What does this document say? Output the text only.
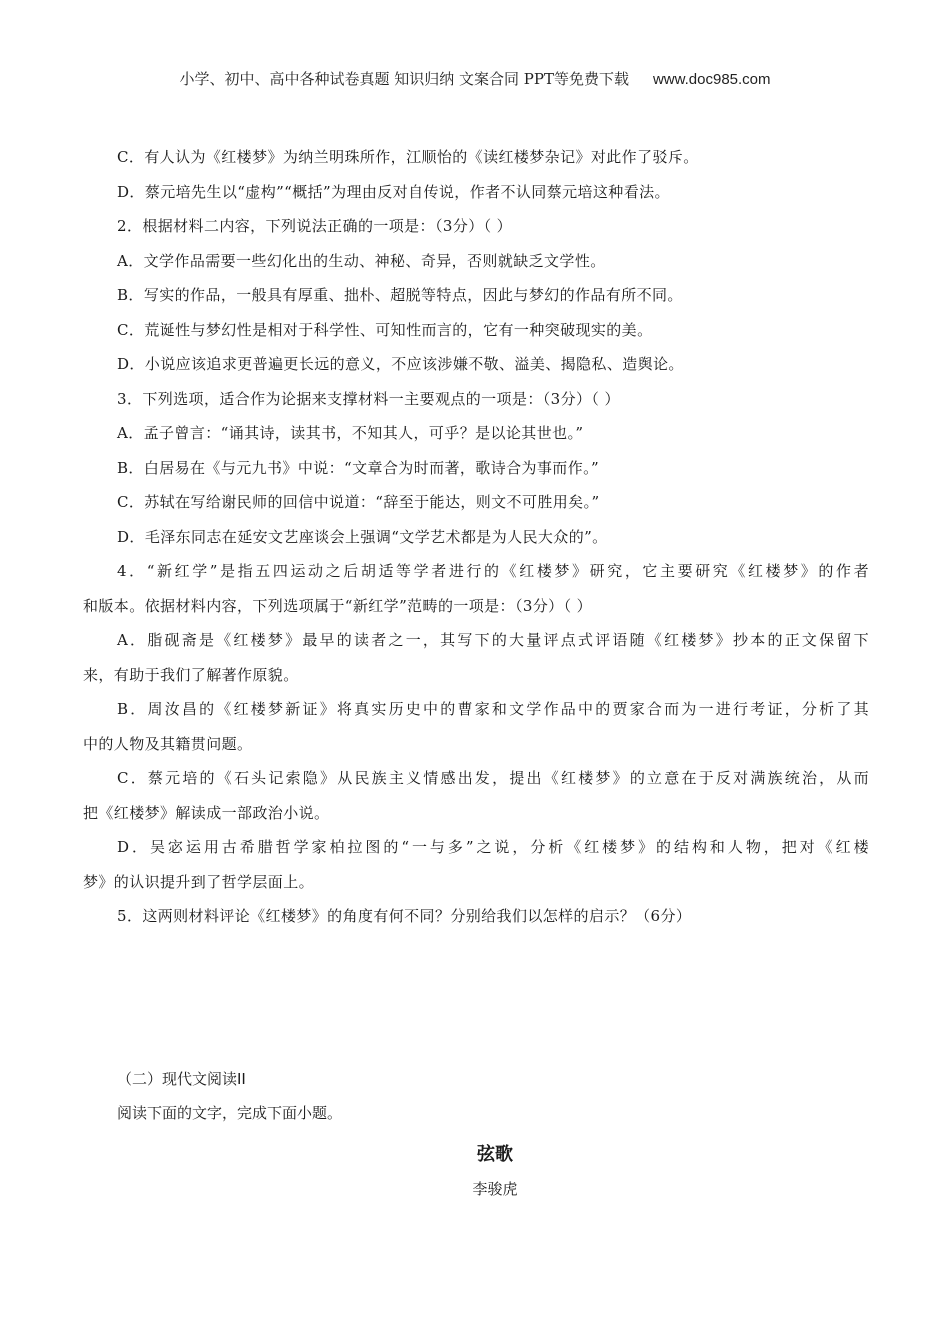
小学、初中、高中各种试卷真题 知识归纳 文案合同 PPT等免费下载 www.doc985.com
C．有人认为《红楼梦》为纳兰明珠所作，江顺怡的《读红楼梦杂记》对此作了驳斥。
D．蔡元培先生以“虚构”“概括”为理由反对自传说，作者不认同蔡元培这种看法。
2．根据材料二内容，下列说法正确的一项是：（3分）（ ）
A．文学作品需要一些幻化出的生动、神秘、奇异，否则就缺乏文学性。
B．写实的作品，一般具有厚重、拙朴、超脱等特点，因此与梦幻的作品有所不同。
C．荒诞性与梦幻性是相对于科学性、可知性而言的，它有一种突破现实的美。
D．小说应该追求更普遍更长远的意义，不应该涉嫌不敬、溢美、揭隐私、造舆论。
3．下列选项，适合作为论据来支撑材料一主要观点的一项是：（3分）（ ）
A．孟子曾言：“诵其诗，读其书，不知其人，可乎？是以论其世也。”
B．白居易在《与元九书》中说：“文章合为时而著，歌诗合为事而作。”
C．苏轼在写给谢民师的回信中说道：“辞至于能达，则文不可胜用矣。”
D．毛泽东同志在延安文艺座谈会上强调“文学艺术都是为人民大众的”。
4．“新红学”是指五四运动之后胡适等学者进行的《红楼梦》研究，它主要研究《红楼梦》的作者
和版本。依据材料内容，下列选项属于“新红学”范畴的一项是：（3分）（ ）
A．脂砚斋是《红楼梦》最早的读者之一，其写下的大量评点式评语随《红楼梦》抄本的正文保留下
来，有助于我们了解著作原貌。
B．周汝昌的《红楼梦新证》将真实历史中的曹家和文学作品中的贾家合而为一进行考证，分析了其
中的人物及其籍贯问题。
C．蔡元培的《石头记索隐》从民族主义情感出发，提出《红楼梦》的立意在于反对满族统治，从而
把《红楼梦》解读成一部政治小说。
D．吴宓运用古希腊哲学家柏拉图的“一与多”之说，分析《红楼梦》的结构和人物，把对《红楼
梦》的认识提升到了哲学层面上。
5．这两则材料评论《红楼梦》的角度有何不同？分别给我们以怎样的启示？（6分）
（二）现代文阅读II
阅读下面的文字，完成下面小题。
弦歌
李骏虎
